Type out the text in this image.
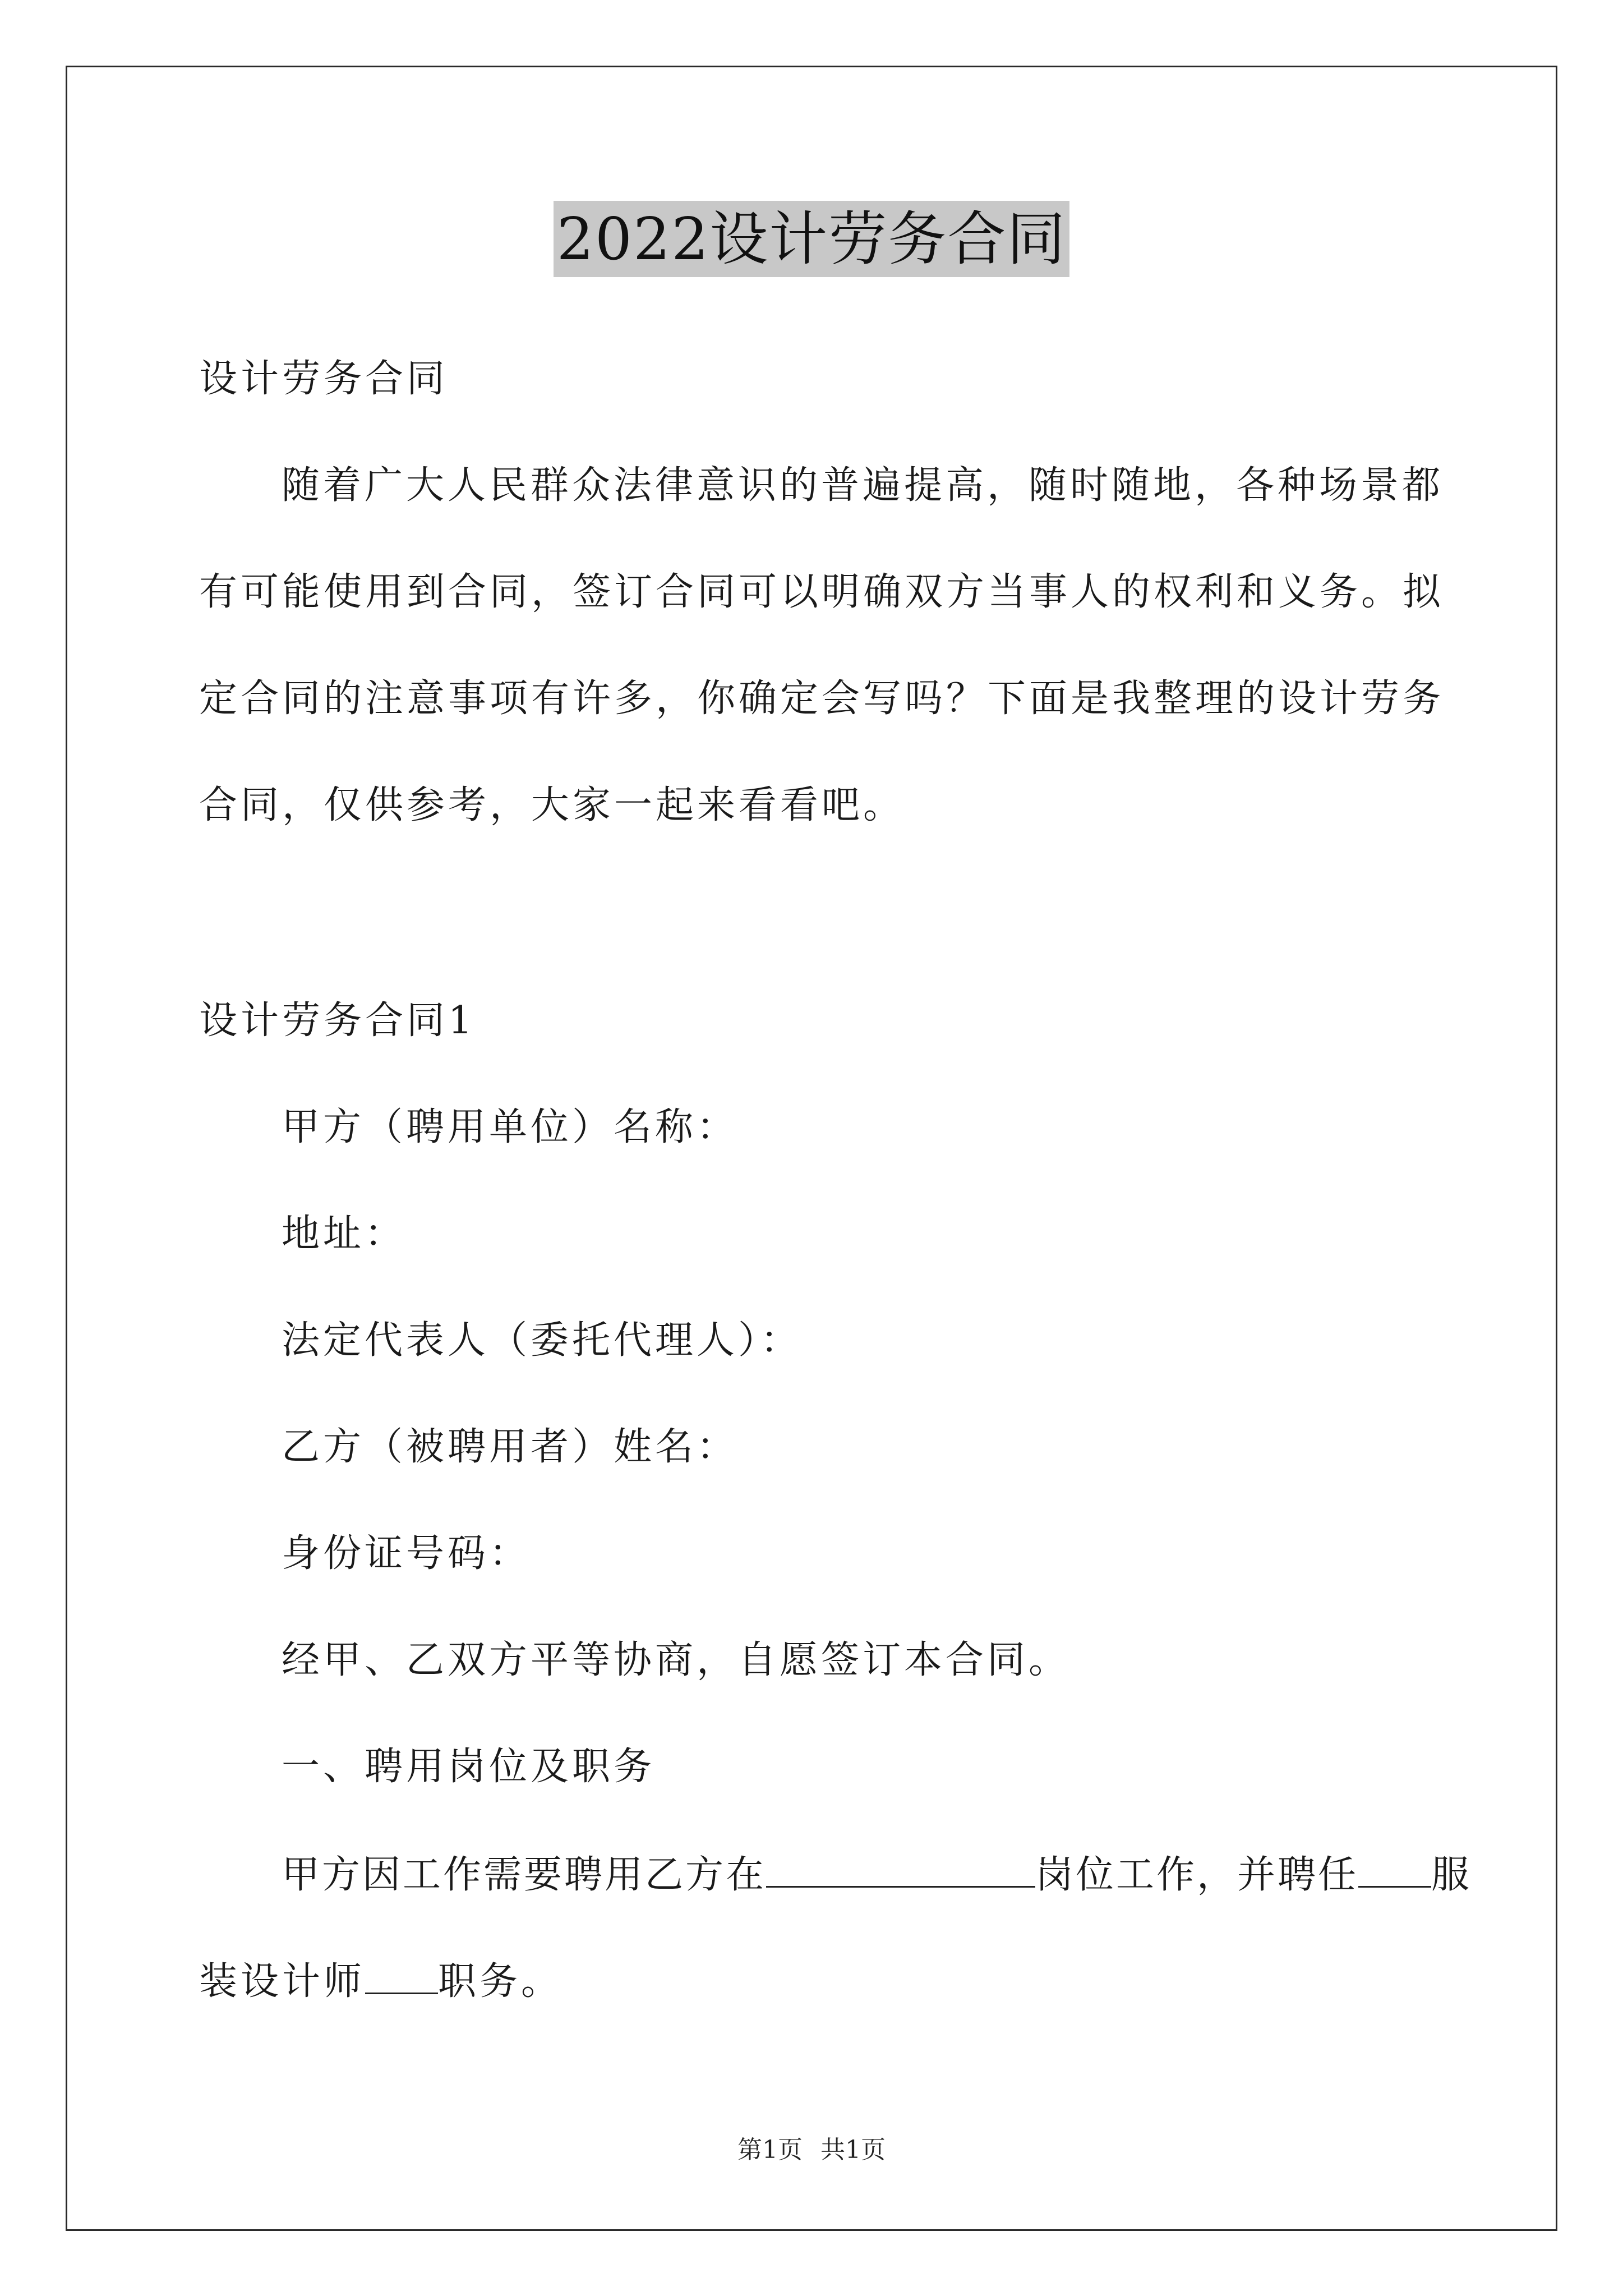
2022设计劳务合同
设计劳务合同
随着广大人民群众法律意识的普遍提高，随时随地，各种场景都
有可能使用到合同，签订合同可以明确双方当事人的权利和义务。拟
定合同的注意事项有许多，你确定会写吗？下面是我整理的设计劳务
合同，仅供参考，大家一起来看看吧。
设计劳务合同1
甲方（聘用单位）名称：
地址：
法定代表人（委托代理人）：
乙方（被聘用者）姓名：
身份证号码：
经甲、乙双方平等协商，自愿签订本合同。
一、聘用岗位及职务
甲方因工作需要聘用乙方在	岗位工作，并聘任 服
装设计师 职务。
第1页 共1页
